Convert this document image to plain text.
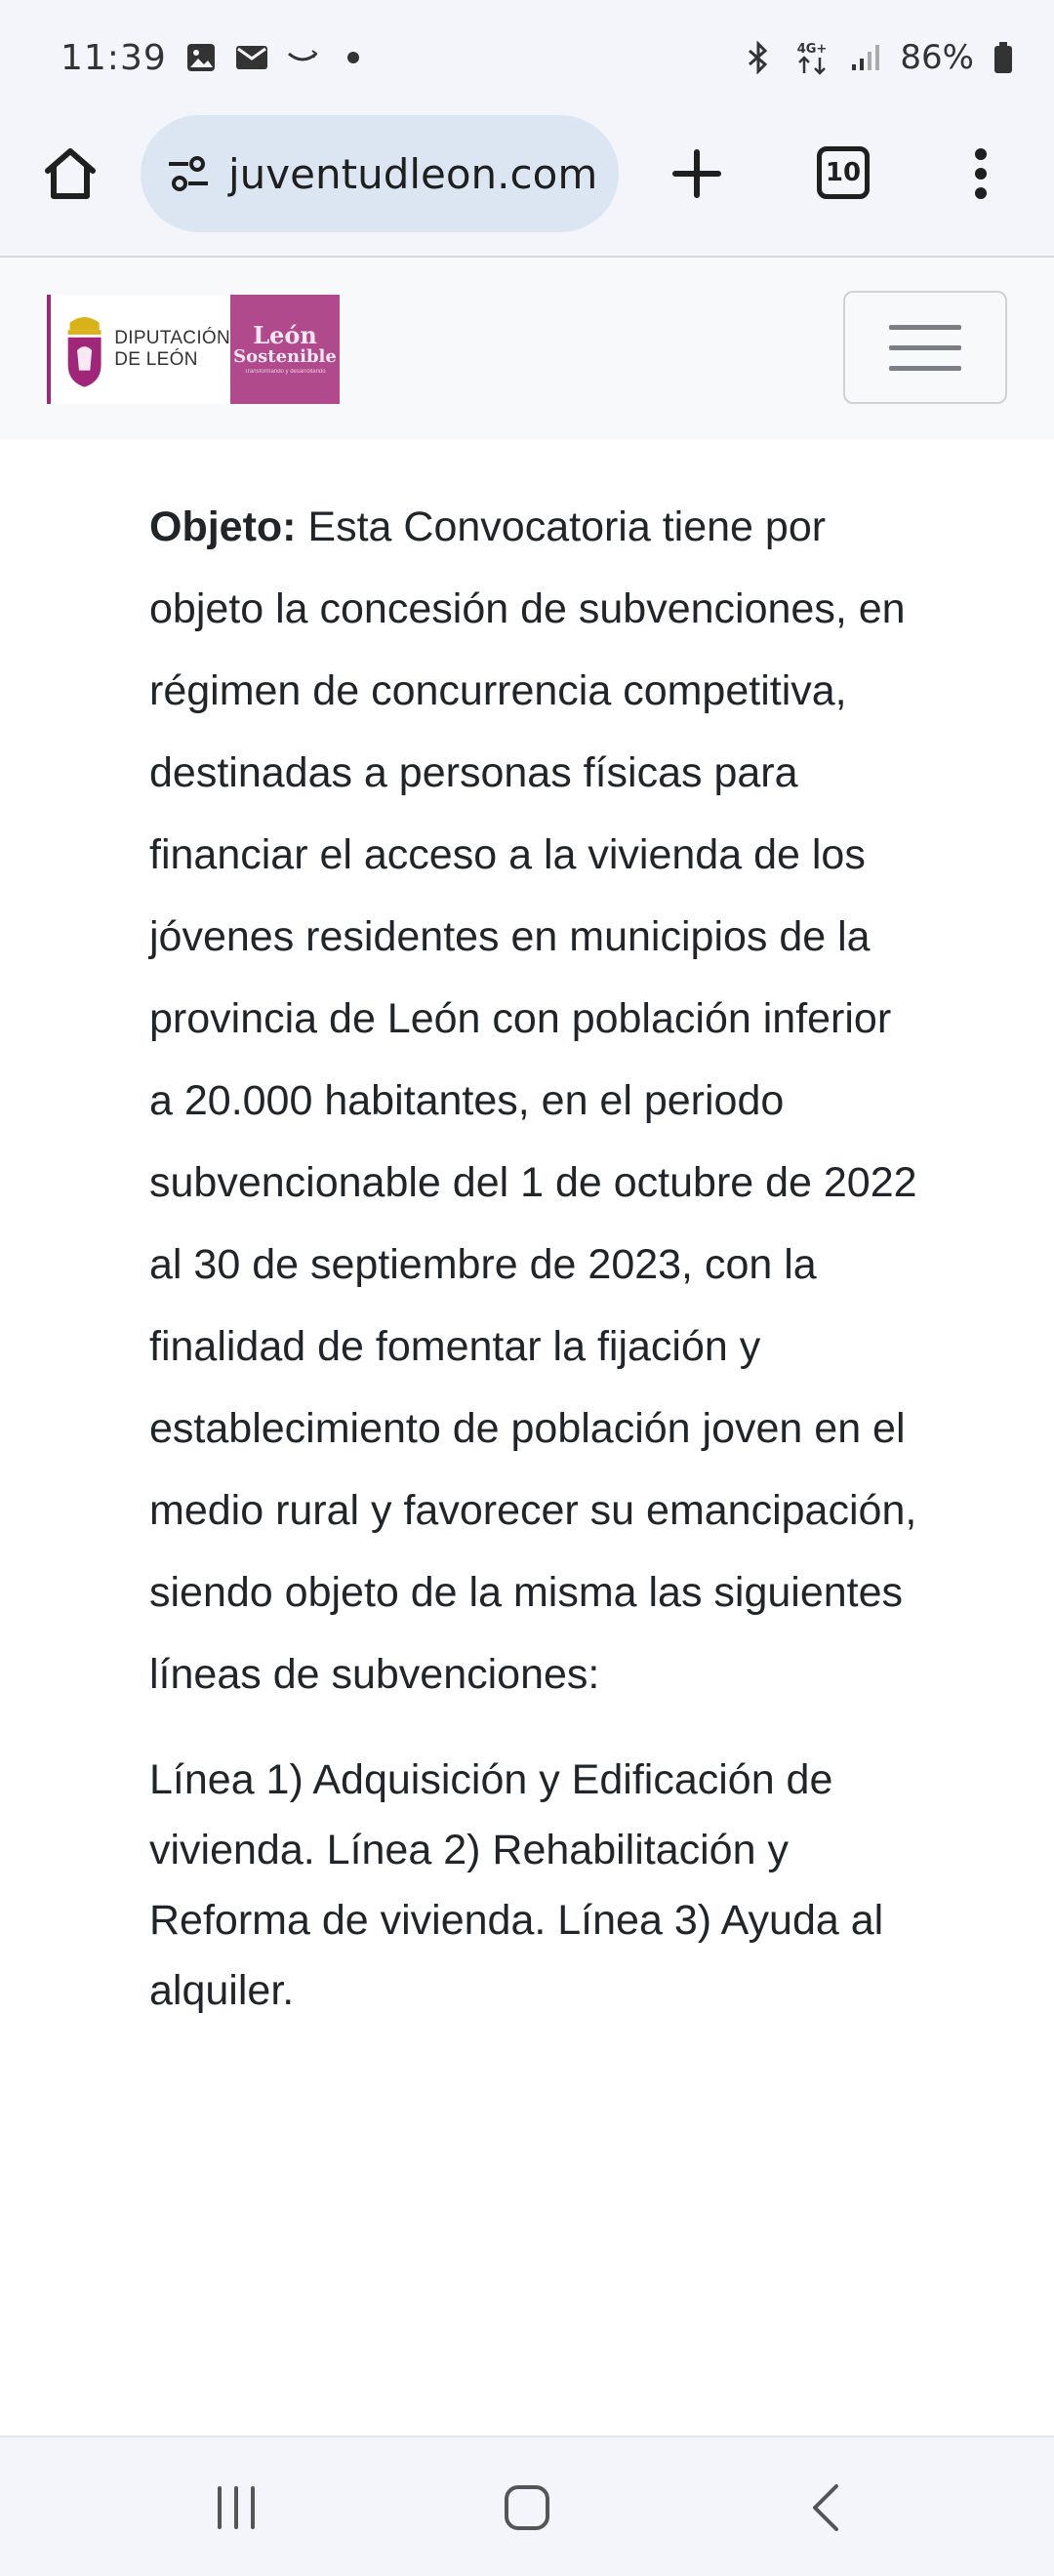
11:39	4G+ 86%
juventudleon.com	10
DIPUTACIÓN
DE LEÓN
León
Sostenible
Transformando y desarrollando

Objeto: Esta Convocatoria tiene por objeto la concesión de subvenciones, en régimen de concurrencia competitiva, destinadas a personas físicas para financiar el acceso a la vivienda de los jóvenes residentes en municipios de la provincia de León con población inferior a 20.000 habitantes, en el periodo subvencionable del 1 de octubre de 2022 al 30 de septiembre de 2023, con la finalidad de fomentar la fijación y establecimiento de población joven en el medio rural y favorecer su emancipación, siendo objeto de la misma las siguientes líneas de subvenciones:

Línea 1) Adquisición y Edificación de vivienda. Línea 2) Rehabilitación y Reforma de vivienda. Línea 3) Ayuda al alquiler.
